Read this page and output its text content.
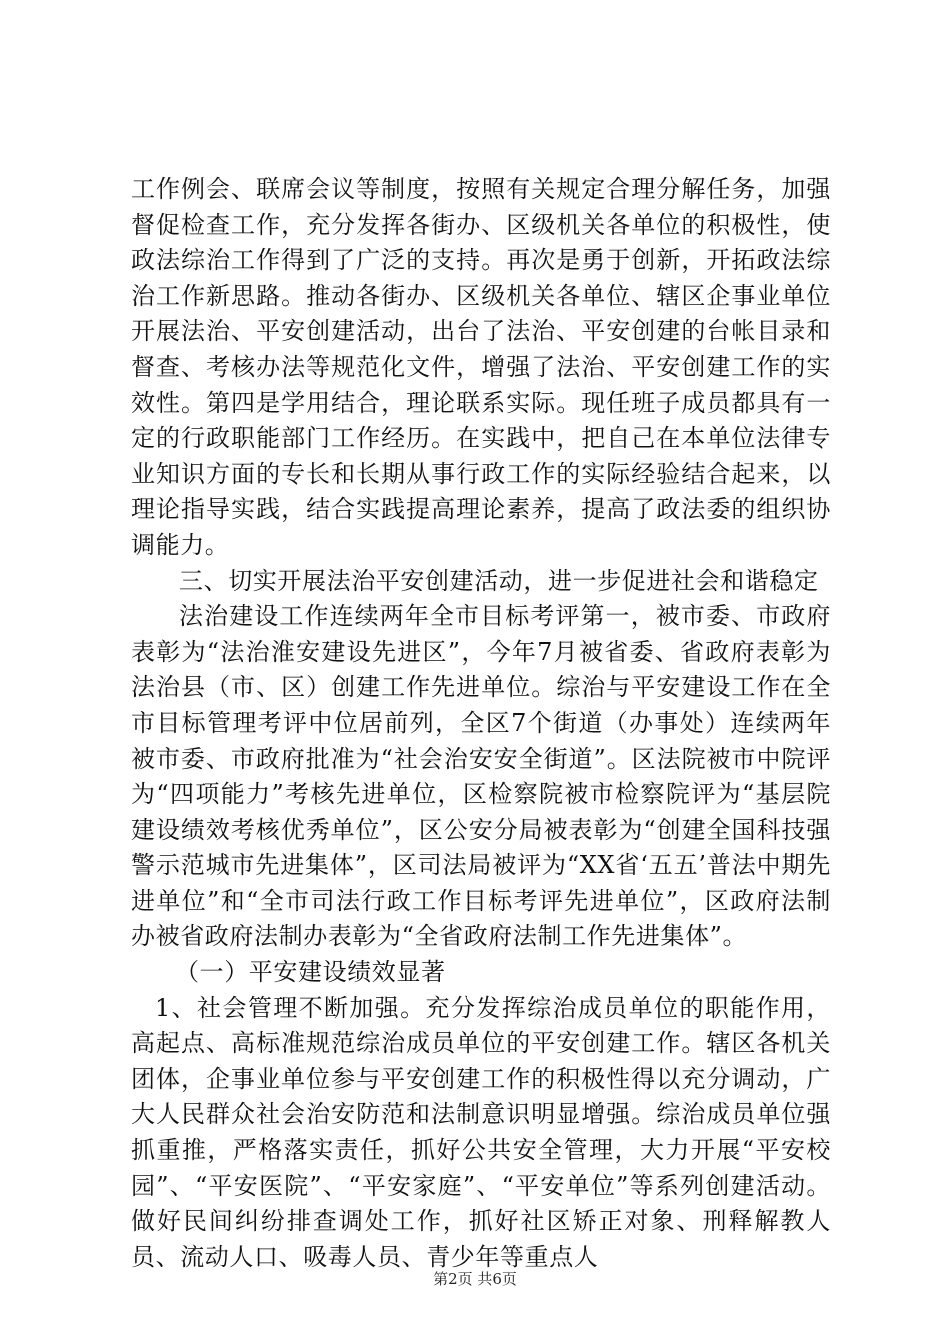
工作例会、联席会议等制度，按照有关规定合理分解任务，加强督促检查工作，充分发挥各街办、区级机关各单位的积极性，使政法综治工作得到了广泛的支持。再次是勇于创新，开拓政法综治工作新思路。推动各街办、区级机关各单位、辖区企事业单位开展法治、平安创建活动，出台了法治、平安创建的台帐目录和督查、考核办法等规范化文件，增强了法治、平安创建工作的实效性。第四是学用结合，理论联系实际。现任班子成员都具有一定的行政职能部门工作经历。在实践中，把自己在本单位法律专业知识方面的专长和长期从事行政工作的实际经验结合起来，以理论指导实践，结合实践提高理论素养，提高了政法委的组织协调能力。

三、切实开展法治平安创建活动，进一步促进社会和谐稳定

法治建设工作连续两年全市目标考评第一，被市委、市政府表彰为“法治淮安建设先进区”，今年7月被省委、省政府表彰为法治县（市、区）创建工作先进单位。综治与平安建设工作在全市目标管理考评中位居前列，全区7个街道（办事处）连续两年被市委、市政府批准为“社会治安安全街道”。区法院被市中院评为“四项能力”考核先进单位，区检察院被市检察院评为“基层院建设绩效考核优秀单位”，区公安分局被表彰为“创建全国科技强警示范城市先进集体”，区司法局被评为“XX省‘五五’普法中期先进单位”和“全市司法行政工作目标考评先进单位”，区政府法制办被省政府法制办表彰为“全省政府法制工作先进集体”。

（一）平安建设绩效显著

1、社会管理不断加强。充分发挥综治成员单位的职能作用，高起点、高标准规范综治成员单位的平安创建工作。辖区各机关团体，企事业单位参与平安创建工作的积极性得以充分调动，广大人民群众社会治安防范和法制意识明显增强。综治成员单位强抓重推，严格落实责任，抓好公共安全管理，大力开展“平安校园”、“平安医院”、“平安家庭”、“平安单位”等系列创建活动。做好民间纠纷排查调处工作，抓好社区矫正对象、刑释解教人员、流动人口、吸毒人员、青少年等重点人

第2页 共6页
